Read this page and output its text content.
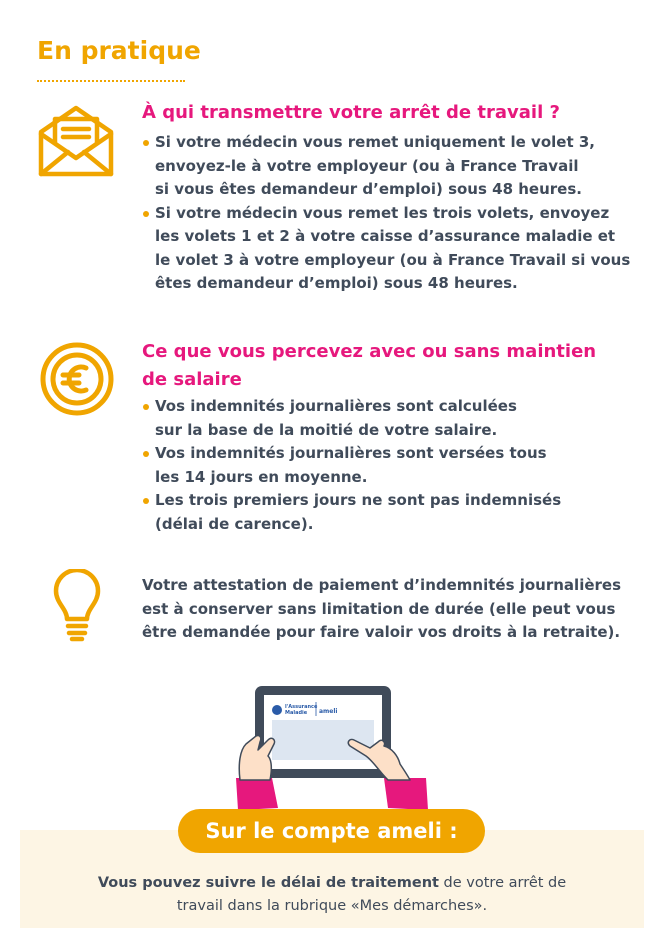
En pratique
À qui transmettre votre arrêt de travail ?
Si votre médecin vous remet uniquement le volet 3,
envoyez-le à votre employeur (ou à France Travail
si vous êtes demandeur d’emploi) sous 48 heures.
Si votre médecin vous remet les trois volets, envoyez
les volets 1 et 2 à votre caisse d’assurance maladie et
le volet 3 à votre employeur (ou à France Travail si vous
êtes demandeur d’emploi) sous 48 heures.
Ce que vous percevez avec ou sans maintien
de salaire
Vos indemnités journalières sont calculées
sur la base de la moitié de votre salaire.
Vos indemnités journalières sont versées tous
les 14 jours en moyenne.
Les trois premiers jours ne sont pas indemnisés
(délai de carence).

Votre attestation de paiement d’indemnités journalières
est à conserver sans limitation de durée (elle peut vous
être demandée pour faire valoir vos droits à la retraite).

l'Assurance
Maladie ameli
Sur le compte ameli :
Vous pouvez suivre le délai de traitement de votre arrêt de
travail dans la rubrique «Mes démarches».
